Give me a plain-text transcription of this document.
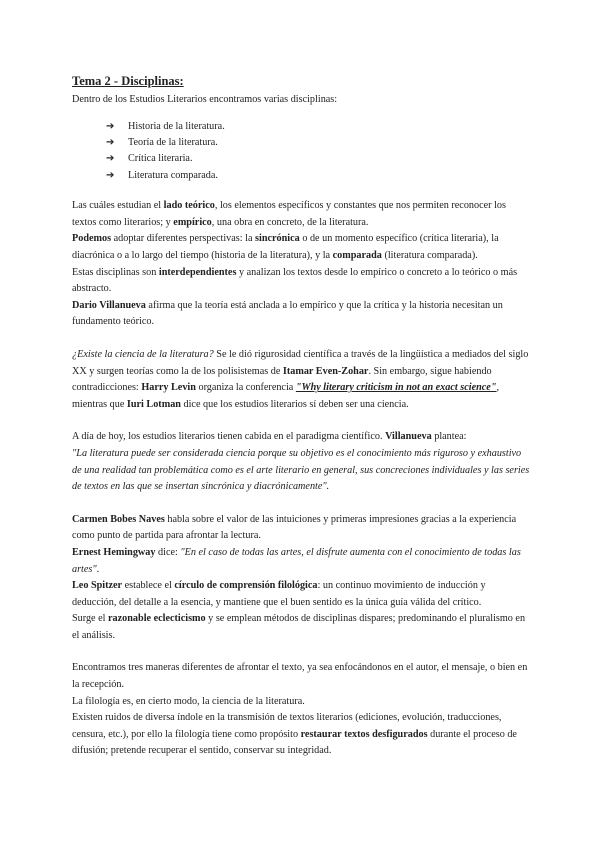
Tema 2 - Disciplinas:

Dentro de los Estudios Literarios encontramos varias disciplinas:

➔ Historia de la literatura.
➔ Teoría de la literatura.
➔ Crítica literaria.
➔ Literatura comparada.

Las cuáles estudian el lado teórico, los elementos específicos y constantes que nos permiten reconocer los textos como literarios; y empírico, una obra en concreto, de la literatura.

Podemos adoptar diferentes perspectivas: la sincrónica o de un momento específico (crítica literaria), la diacrónica o a lo largo del tiempo (historia de la literatura), y la comparada (literatura comparada).

Estas disciplinas son interdependientes y analizan los textos desde lo empírico o concreto a lo teórico o más abstracto.

Dario Villanueva afirma que la teoría está anclada a lo empírico y que la crítica y la historia necesitan un fundamento teórico.

¿Existe la ciencia de la literatura? Se le dió rigurosidad científica a través de la lingüística a mediados del siglo XX y surgen teorías como la de los polisistemas de Itamar Even-Zohar. Sin embargo, sigue habiendo contradicciones: Harry Levin organiza la conferencia "Why literary criticism in not an exact science", mientras que Iuri Lotman dice que los estudios literarios sí deben ser una ciencia.

A día de hoy, los estudios literarios tienen cabida en el paradigma científico. Villanueva plantea:
"La literatura puede ser considerada ciencia porque su objetivo es el conocimiento más riguroso y exhaustivo de una realidad tan problemática como es el arte literario en general, sus concreciones individuales y las series de textos en las que se insertan sincrónica y diacrónicamente".

Carmen Bobes Naves habla sobre el valor de las intuiciones y primeras impresiones gracias a la experiencia como punto de partida para afrontar la lectura.

Ernest Hemingway dice: "En el caso de todas las artes, el disfrute aumenta con el conocimiento de todas las artes".

Leo Spitzer establece el círculo de comprensión filológica: un continuo movimiento de inducción y deducción, del detalle a la esencia, y mantiene que el buen sentido es la única guía válida del crítico.

Surge el razonable eclecticismo y se emplean métodos de disciplinas dispares; predominando el pluralismo en el análisis.

Encontramos tres maneras diferentes de afrontar el texto, ya sea enfocándonos en el autor, el mensaje, o bien en la recepción.

La filología es, en cierto modo, la ciencia de la literatura.

Existen ruidos de diversa índole en la transmisión de textos literarios (ediciones, evolución, traducciones, censura, etc.), por ello la filología tiene como propósito restaurar textos desfigurados durante el proceso de difusión; pretende recuperar el sentido, conservar su integridad.
